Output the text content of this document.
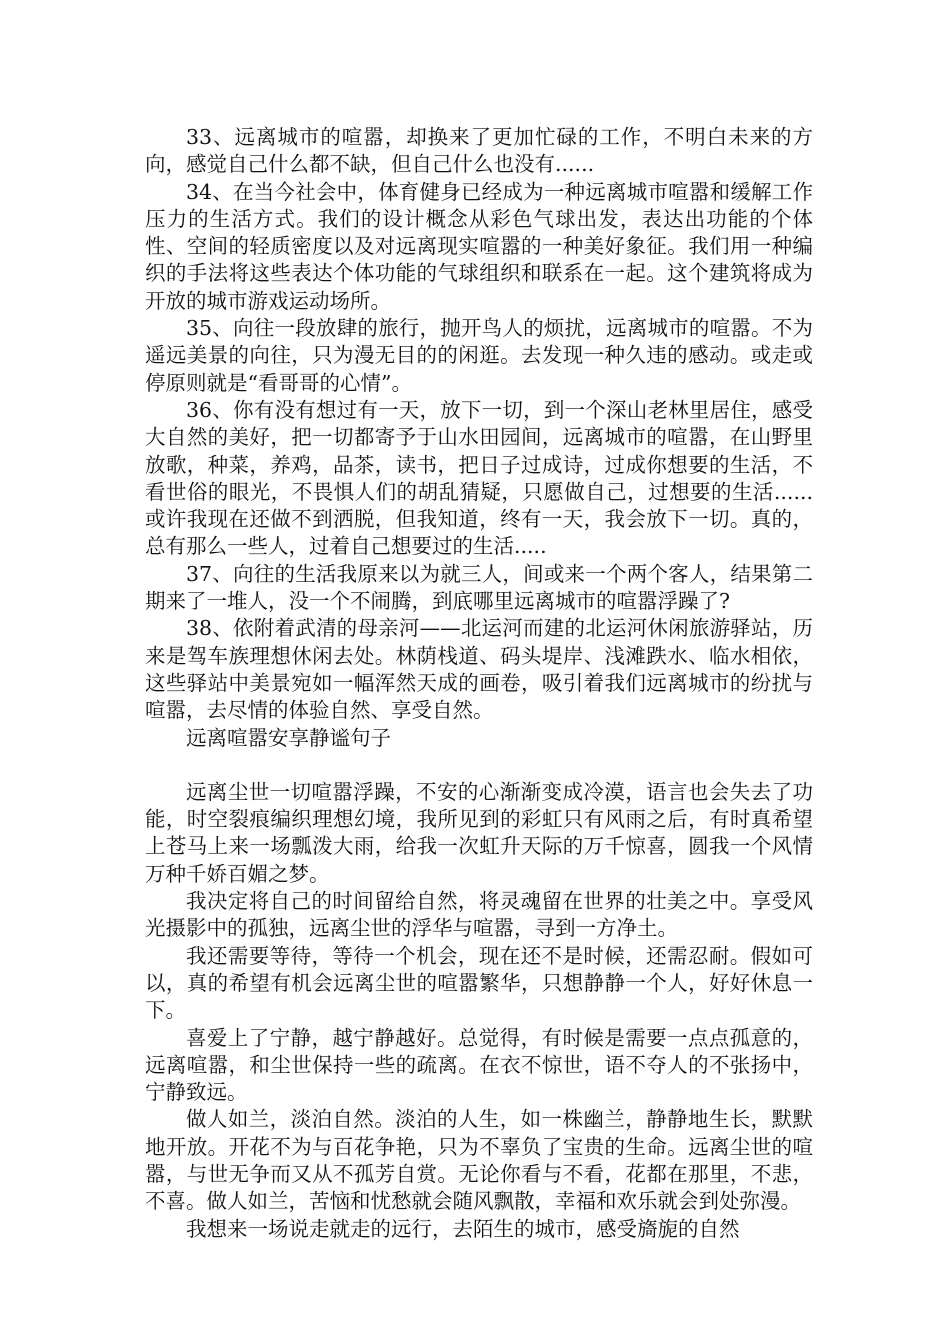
33、远离城市的喧嚣，却换来了更加忙碌的工作，不明白未来的方向，感觉自己什么都不缺，但自己什么也没有......

34、在当今社会中，体育健身已经成为一种远离城市喧嚣和缓解工作压力的生活方式。我们的设计概念从彩色气球出发，表达出功能的个体性、空间的轻质密度以及对远离现实喧嚣的一种美好象征。我们用一种编织的手法将这些表达个体功能的气球组织和联系在一起。这个建筑将成为开放的城市游戏运动场所。

35、向往一段放肆的旅行，抛开鸟人的烦扰，远离城市的喧嚣。不为遥远美景的向往，只为漫无目的的闲逛。去发现一种久违的感动。或走或停原则就是“看哥哥的心情”。

36、你有没有想过有一天，放下一切，到一个深山老林里居住，感受大自然的美好，把一切都寄予于山水田园间，远离城市的喧嚣，在山野里放歌，种菜，养鸡，品茶，读书，把日子过成诗，过成你想要的生活，不看世俗的眼光，不畏惧人们的胡乱猜疑，只愿做自己，过想要的生活......或许我现在还做不到洒脱，但我知道，终有一天，我会放下一切。真的，总有那么一些人，过着自己想要过的生活.....

37、向往的生活我原来以为就三人，间或来一个两个客人，结果第二期来了一堆人，没一个不闹腾，到底哪里远离城市的喧嚣浮躁了?

38、依附着武清的母亲河——北运河而建的北运河休闲旅游驿站，历来是驾车族理想休闲去处。林荫栈道、码头堤岸、浅滩跌水、临水相依，这些驿站中美景宛如一幅浑然天成的画卷，吸引着我们远离城市的纷扰与喧嚣，去尽情的体验自然、享受自然。

远离喧嚣安享静谧句子

远离尘世一切喧嚣浮躁，不安的心渐渐变成冷漠，语言也会失去了功能，时空裂痕编织理想幻境，我所见到的彩虹只有风雨之后，有时真希望上苍马上来一场瓢泼大雨，给我一次虹升天际的万千惊喜，圆我一个风情万种千娇百媚之梦。

我决定将自己的时间留给自然，将灵魂留在世界的壮美之中。享受风光摄影中的孤独，远离尘世的浮华与喧嚣，寻到一方净土。

我还需要等待，等待一个机会，现在还不是时候，还需忍耐。假如可以，真的希望有机会远离尘世的喧嚣繁华，只想静静一个人，好好休息一下。

喜爱上了宁静，越宁静越好。总觉得，有时候是需要一点点孤意的，远离喧嚣，和尘世保持一些的疏离。在衣不惊世，语不夺人的不张扬中，宁静致远。

做人如兰，淡泊自然。淡泊的人生，如一株幽兰，静静地生长，默默地开放。开花不为与百花争艳，只为不辜负了宝贵的生命。远离尘世的喧嚣，与世无争而又从不孤芳自赏。无论你看与不看，花都在那里，不悲，不喜。做人如兰，苦恼和忧愁就会随风飘散，幸福和欢乐就会到处弥漫。

我想来一场说走就走的远行，去陌生的城市，感受旖旎的自然
